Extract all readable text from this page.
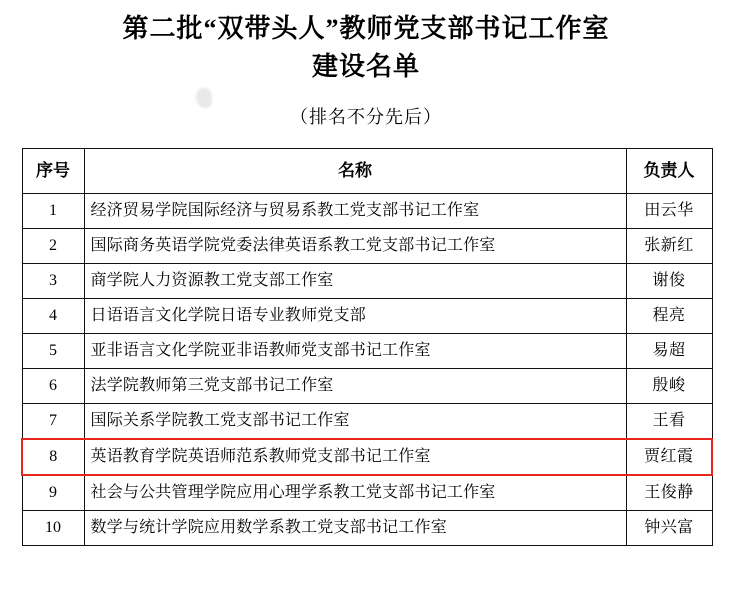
第二批“双带头人”教师党支部书记工作室
建设名单
（排名不分先后）
序号	名称	负责人
1	经济贸易学院国际经济与贸易系教工党支部书记工作室	田云华
2	国际商务英语学院党委法律英语系教工党支部书记工作室	张新红
3	商学院人力资源教工党支部工作室	谢俊
4	日语语言文化学院日语专业教师党支部	程亮
5	亚非语言文化学院亚非语教师党支部书记工作室	易超
6	法学院教师第三党支部书记工作室	殷峻
7	国际关系学院教工党支部书记工作室	王看
8	英语教育学院英语师范系教师党支部书记工作室	贾红霞
9	社会与公共管理学院应用心理学系教工党支部书记工作室	王俊静
10	数学与统计学院应用数学系教工党支部书记工作室	钟兴富
